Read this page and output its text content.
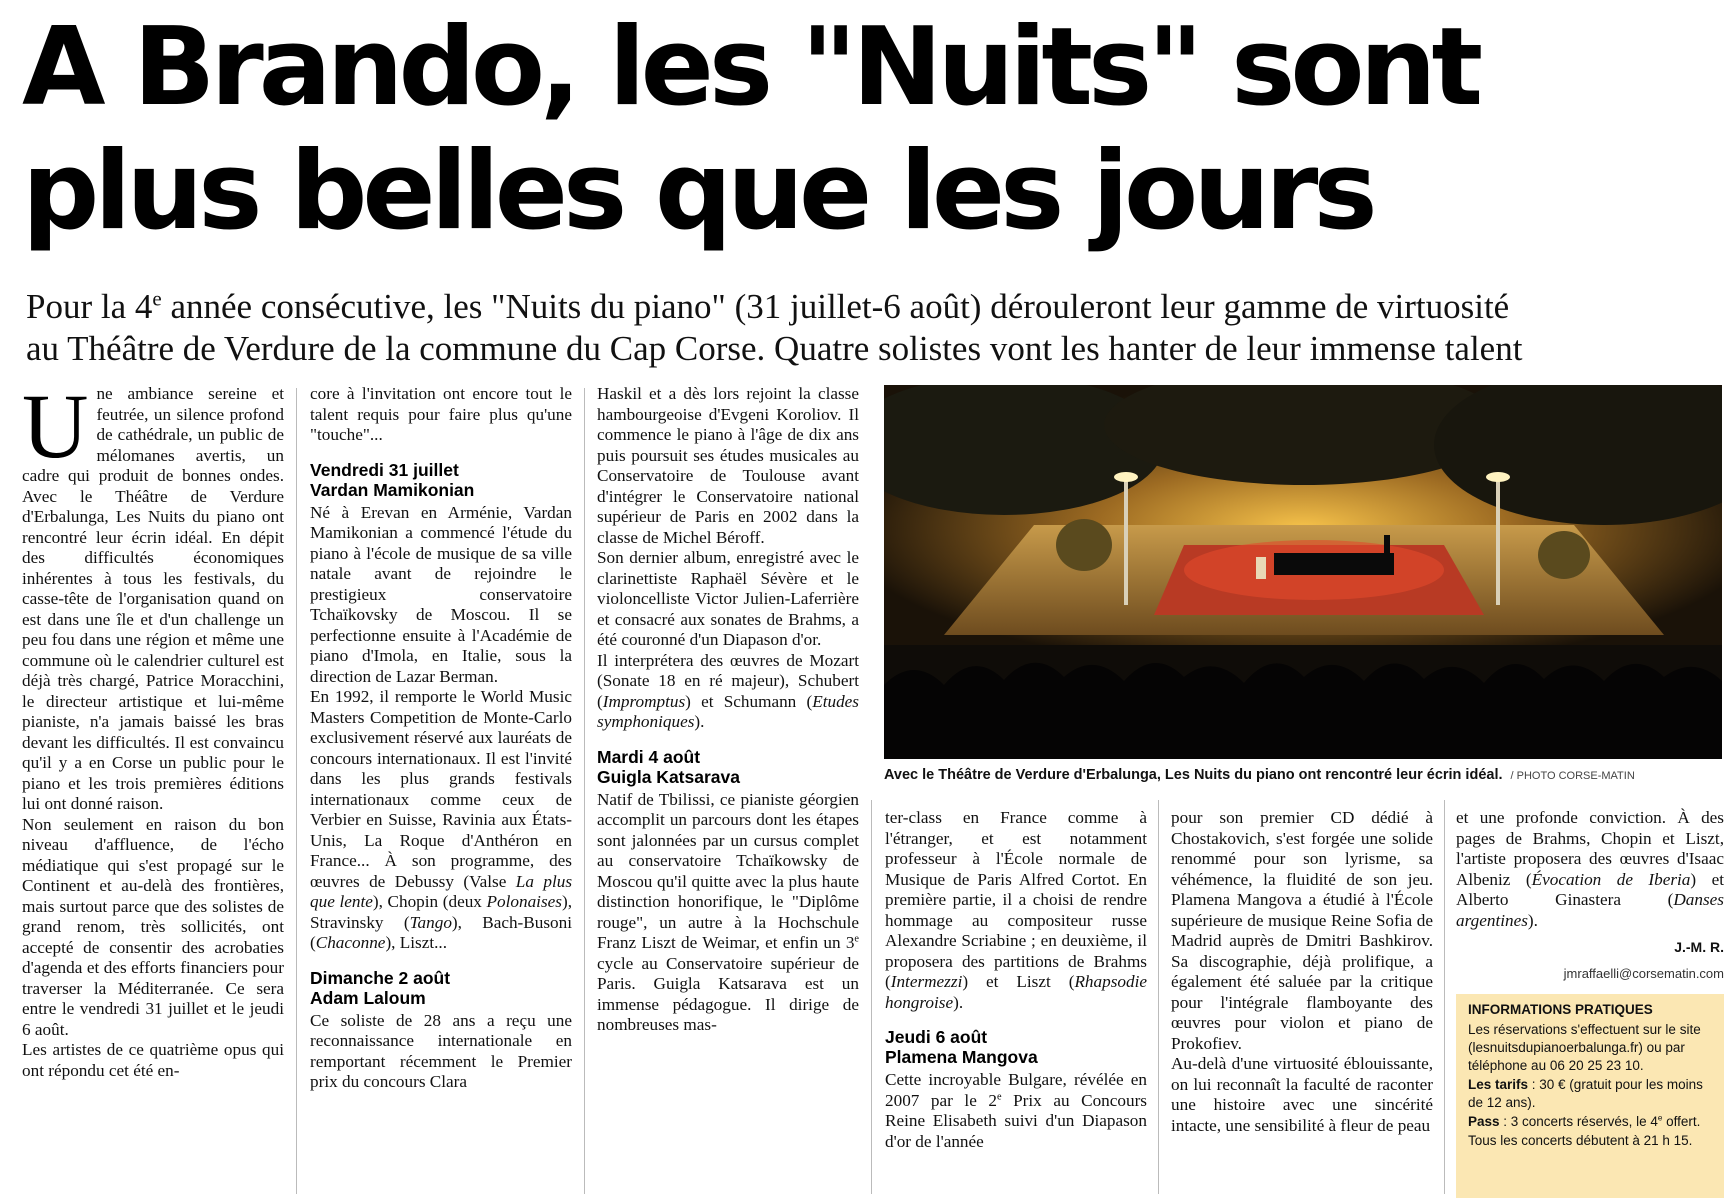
A Brando, les "Nuits" sont
plus belles que les jours

Pour la 4e année consécutive, les "Nuits du piano" (31 juillet-6 août) dérouleront leur gamme de virtuosité
au Théâtre de Verdure de la commune du Cap Corse. Quatre solistes vont les hanter de leur immense talent

U ne ambiance sereine et feutrée, un silence profond de cathédrale, un public de mélomanes avertis, un cadre qui produit de bonnes ondes. Avec le Théâtre de Verdure d'Erbalunga, Les Nuits du piano ont rencontré leur écrin idéal. En dépit des difficultés économiques inhérentes à tous les festivals, du casse-tête de l'organisation quand on est dans une île et d'un challenge un peu fou dans une région et même une commune où le calendrier culturel est déjà très chargé, Patrice Moracchini, le directeur artistique et lui-même pianiste, n'a jamais baissé les bras devant les difficultés. Il est convaincu qu'il y a en Corse un public pour le piano et les trois premières éditions lui ont donné raison.

Non seulement en raison du bon niveau d'affluence, de l'écho médiatique qui s'est propagé sur le Continent et au-delà des frontières, mais surtout parce que des solistes de grand renom, très sollicités, ont accepté de consentir des acrobaties d'agenda et des efforts financiers pour traverser la Méditerranée. Ce sera entre le vendredi 31 juillet et le jeudi 6 août.

Les artistes de ce quatrième opus qui ont répondu cet été en-

core à l'invitation ont encore tout le talent requis pour faire plus qu'une "touche"...

Vendredi 31 juillet
Vardan Mamikonian

Né à Erevan en Arménie, Vardan Mamikonian a commencé l'étude du piano à l'école de musique de sa ville natale avant de rejoindre le prestigieux conservatoire Tchaïkovsky de Moscou. Il se perfectionne ensuite à l'Académie de piano d'Imola, en Italie, sous la direction de Lazar Berman.

En 1992, il remporte le World Music Masters Competition de Monte-Carlo exclusivement réservé aux lauréats de concours internationaux. Il est l'invité dans les plus grands festivals internationaux comme ceux de Verbier en Suisse, Ravinia aux États-Unis, La Roque d'Anthéron en France... À son programme, des œuvres de Debussy (Valse La plus que lente), Chopin (deux Polonaises), Stravinsky (Tango), Bach-Busoni (Chaconne), Liszt...

Dimanche 2 août
Adam Laloum

Ce soliste de 28 ans a reçu une reconnaissance internationale en remportant récemment le Premier prix du concours Clara

Haskil et a dès lors rejoint la classe hambourgeoise d'Evgeni Koroliov. Il commence le piano à l'âge de dix ans puis poursuit ses études musicales au Conservatoire de Toulouse avant d'intégrer le Conservatoire national supérieur de Paris en 2002 dans la classe de Michel Béroff.

Son dernier album, enregistré avec le clarinettiste Raphaël Sévère et le violoncelliste Victor Julien-Laferrière et consacré aux sonates de Brahms, a été couronné d'un Diapason d'or.

Il interprétera des œuvres de Mozart (Sonate 18 en ré majeur), Schubert (Impromptus) et Schumann (Etudes symphoniques).

Mardi 4 août
Guigla Katsarava

Natif de Tbilissi, ce pianiste géorgien accomplit un parcours dont les étapes sont jalonnées par un cursus complet au conservatoire Tchaïkowsky de Moscou qu'il quitte avec la plus haute distinction honorifique, le "Diplôme rouge", un autre à la Hochschule Franz Liszt de Weimar, et enfin un 3e cycle au Conservatoire supérieur de Paris. Guigla Katsarava est un immense pédagogue. Il dirige de nombreuses mas-

Avec le Théâtre de Verdure d'Erbalunga, Les Nuits du piano ont rencontré leur écrin idéal. / PHOTO CORSE-MATIN

ter-class en France comme à l'étranger, et est notamment professeur à l'École normale de Musique de Paris Alfred Cortot. En première partie, il a choisi de rendre hommage au compositeur russe Alexandre Scriabine ; en deuxième, il proposera des partitions de Brahms (Intermezzi) et Liszt (Rhapsodie hongroise).

Jeudi 6 août
Plamena Mangova

Cette incroyable Bulgare, révélée en 2007 par le 2e Prix au Concours Reine Elisabeth suivi d'un Diapason d'or de l'année

pour son premier CD dédié à Chostakovich, s'est forgée une solide renommé pour son lyrisme, sa véhémence, la fluidité de son jeu. Plamena Mangova a étudié à l'École supérieure de musique Reine Sofia de Madrid auprès de Dmitri Bashkirov. Sa discographie, déjà prolifique, a également été saluée par la critique pour l'intégrale flamboyante des œuvres pour violon et piano de Prokofiev.

Au-delà d'une virtuosité éblouissante, on lui reconnaît la faculté de raconter une histoire avec une sincérité intacte, une sensibilité à fleur de peau

et une profonde conviction. À des pages de Brahms, Chopin et Liszt, l'artiste proposera des œuvres d'Isaac Albeniz (Évocation de Iberia) et Alberto Ginastera (Danses argentines).

J.-M. R.
jmraffaelli@corsematin.com
INFORMATIONS PRATIQUES

Les réservations s'effectuent sur le site (lesnuitsdupianoerbalunga.fr) ou par téléphone au 06 20 25 23 10.

Les tarifs : 30 € (gratuit pour les moins de 12 ans).

Pass : 3 concerts réservés, le 4e offert.

Tous les concerts débutent à 21 h 15.
